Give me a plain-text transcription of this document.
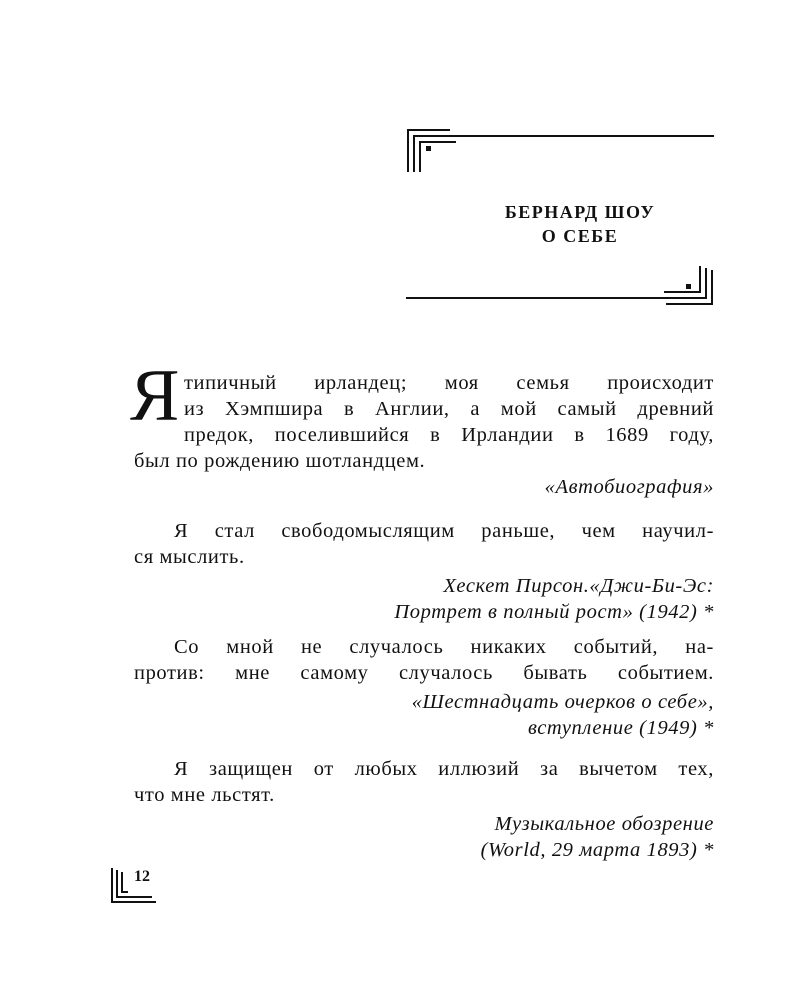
БЕРНАРД ШОУ
О СЕБЕ
Я типичный ирландец; моя семья происходит
из Хэмпшира в Англии, а мой самый древний
предок, поселившийся в Ирландии в 1689 году,
был по рождению шотландцем.
«Автобиография»
Я стал свободомыслящим раньше, чем научил-
ся мыслить.
Хескет Пирсон.«Джи-Би-Эс:
Портрет в полный рост» (1942) *
Со мной не случалось никаких событий, на-
против: мне самому случалось бывать событием.
«Шестнадцать очерков о себе»,
вступление (1949) *
Я защищен от любых иллюзий за вычетом тех,
что мне льстят.
Музыкальное обозрение
(World, 29 марта 1893) *
12
